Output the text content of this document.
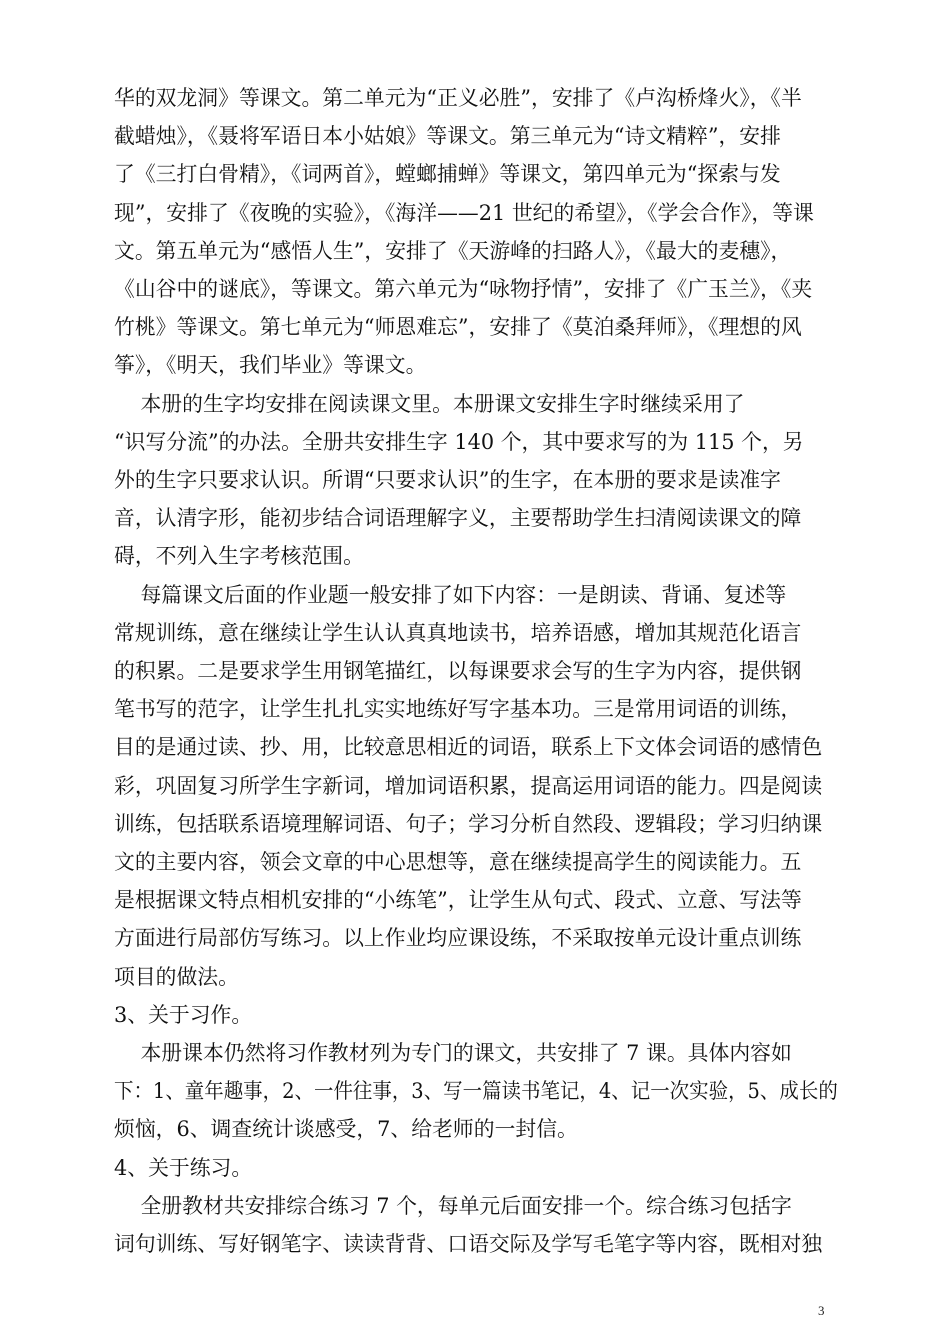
华的双龙洞》等课文。第二单元为“正义必胜”，安排了《卢沟桥烽火》，《半
截蜡烛》，《聂将军语日本小姑娘》等课文。第三单元为“诗文精粹”，安排
了《三打白骨精》，《词两首》，螳螂捕蝉》等课文，第四单元为“探索与发
现”，安排了《夜晚的实验》，《海洋——21 世纪的希望》，《学会合作》，等课
文。第五单元为“感悟人生”，安排了《天游峰的扫路人》，《最大的麦穗》，
《山谷中的谜底》，等课文。第六单元为“咏物抒情”，安排了《广玉兰》，《夹
竹桃》等课文。第七单元为“师恩难忘”，安排了《莫泊桑拜师》，《理想的风
筝》，《明天，我们毕业》等课文。
本册的生字均安排在阅读课文里。本册课文安排生字时继续采用了
“识写分流”的办法。全册共安排生字 140 个，其中要求写的为 115 个，另
外的生字只要求认识。所谓“只要求认识”的生字，在本册的要求是读准字
音，认清字形，能初步结合词语理解字义，主要帮助学生扫清阅读课文的障
碍，不列入生字考核范围。
每篇课文后面的作业题一般安排了如下内容：一是朗读、背诵、复述等
常规训练，意在继续让学生认认真真地读书，培养语感，增加其规范化语言
的积累。二是要求学生用钢笔描红，以每课要求会写的生字为内容，提供钢
笔书写的范字，让学生扎扎实实地练好写字基本功。三是常用词语的训练，
目的是通过读、抄、用，比较意思相近的词语，联系上下文体会词语的感情色
彩，巩固复习所学生字新词，增加词语积累，提高运用词语的能力。四是阅读
训练，包括联系语境理解词语、句子；学习分析自然段、逻辑段；学习归纳课
文的主要内容，领会文章的中心思想等，意在继续提高学生的阅读能力。五
是根据课文特点相机安排的“小练笔”，让学生从句式、段式、立意、写法等
方面进行局部仿写练习。以上作业均应课设练，不采取按单元设计重点训练
项目的做法。
3、关于习作。
本册课本仍然将习作教材列为专门的课文，共安排了 7 课。具体内容如
下：1、童年趣事，2、一件往事，3、写一篇读书笔记，4、记一次实验，5、成长的
烦恼，6、调查统计谈感受，7、给老师的一封信。
4、关于练习。
全册教材共安排综合练习 7 个，每单元后面安排一个。综合练习包括字
词句训练、写好钢笔字、读读背背、口语交际及学写毛笔字等内容，既相对独
3
